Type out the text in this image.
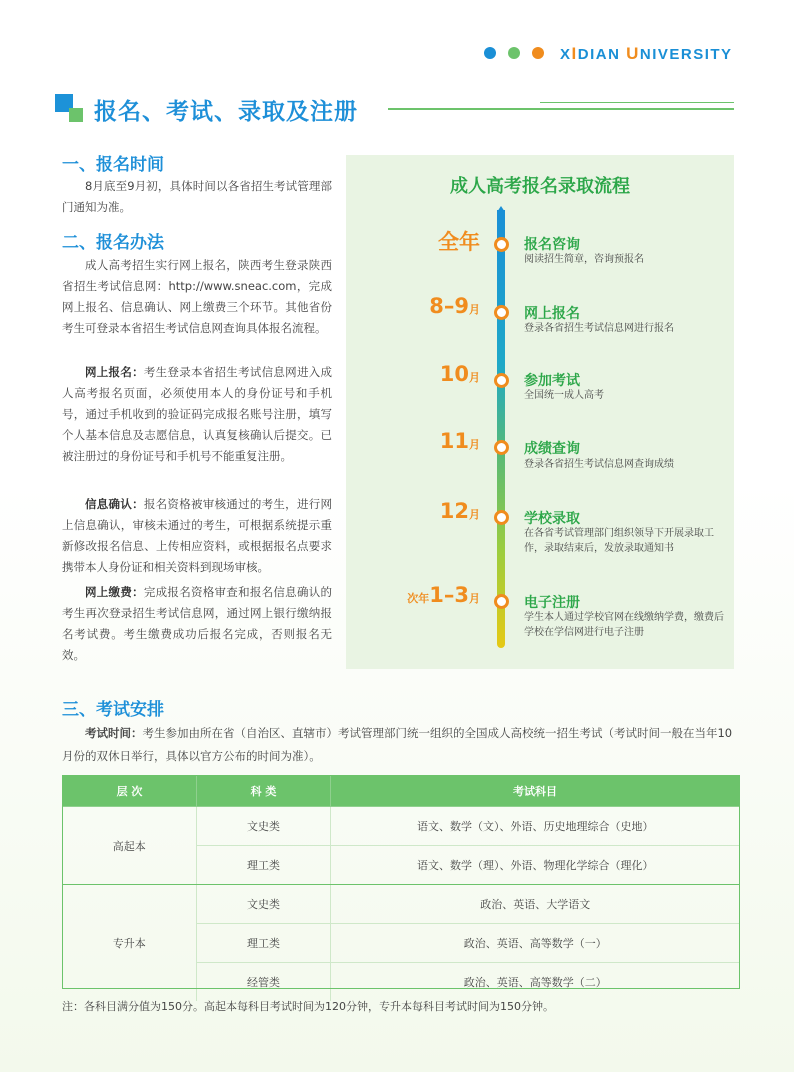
XIDIAN UNIVERSITY
报名、考试、录取及注册
一、报名时间
8月底至9月初，具体时间以各省招生考试管理部门通知为准。
二、报名办法
成人高考招生实行网上报名，陕西考生登录陕西省招生考试信息网：http://www.sneac.com，完成网上报名、信息确认、网上缴费三个环节。其他省份考生可登录本省招生考试信息网查询具体报名流程。
网上报名：考生登录本省招生考试信息网进入成人高考报名页面，必须使用本人的身份证号和手机号，通过手机收到的验证码完成报名账号注册，填写个人基本信息及志愿信息，认真复核确认后提交。已被注册过的身份证号和手机号不能重复注册。
信息确认：报名资格被审核通过的考生，进行网上信息确认，审核未通过的考生，可根据系统提示重新修改报名信息、上传相应资料，或根据报名点要求携带本人身份证和相关资料到现场审核。
网上缴费：完成报名资格审查和报名信息确认的考生再次登录招生考试信息网，通过网上银行缴纳报名考试费。考生缴费成功后报名完成，否则报名无效。
成人高考报名录取流程
全年	报名咨询
阅读招生简章，咨询预报名
8–9月	网上报名
登录各省招生考试信息网进行报名
10月	参加考试
全国统一成人高考
11月	成绩查询
登录各省招生考试信息网查询成绩
12月	学校录取
在各省考试管理部门组织领导下开展录取工作，录取结束后，发放录取通知书
次年1–3月	电子注册
学生本人通过学校官网在线缴纳学费，缴费后学校在学信网进行电子注册
三、考试安排
考试时间：考生参加由所在省（自治区、直辖市）考试管理部门统一组织的全国成人高校统一招生考试（考试时间一般在当年10月份的双休日举行，具体以官方公布的时间为准）。
层 次	科 类	考试科目
高起本	文史类	语文、数学（文）、外语、历史地理综合（史地）
	理工类	语文、数学（理）、外语、物理化学综合（理化）
专升本	文史类	政治、英语、大学语文
	理工类	政治、英语、高等数学（一）
	经管类	政治、英语、高等数学（二）
注：各科目满分值为150分。高起本每科目考试时间为120分钟，专升本每科目考试时间为150分钟。
